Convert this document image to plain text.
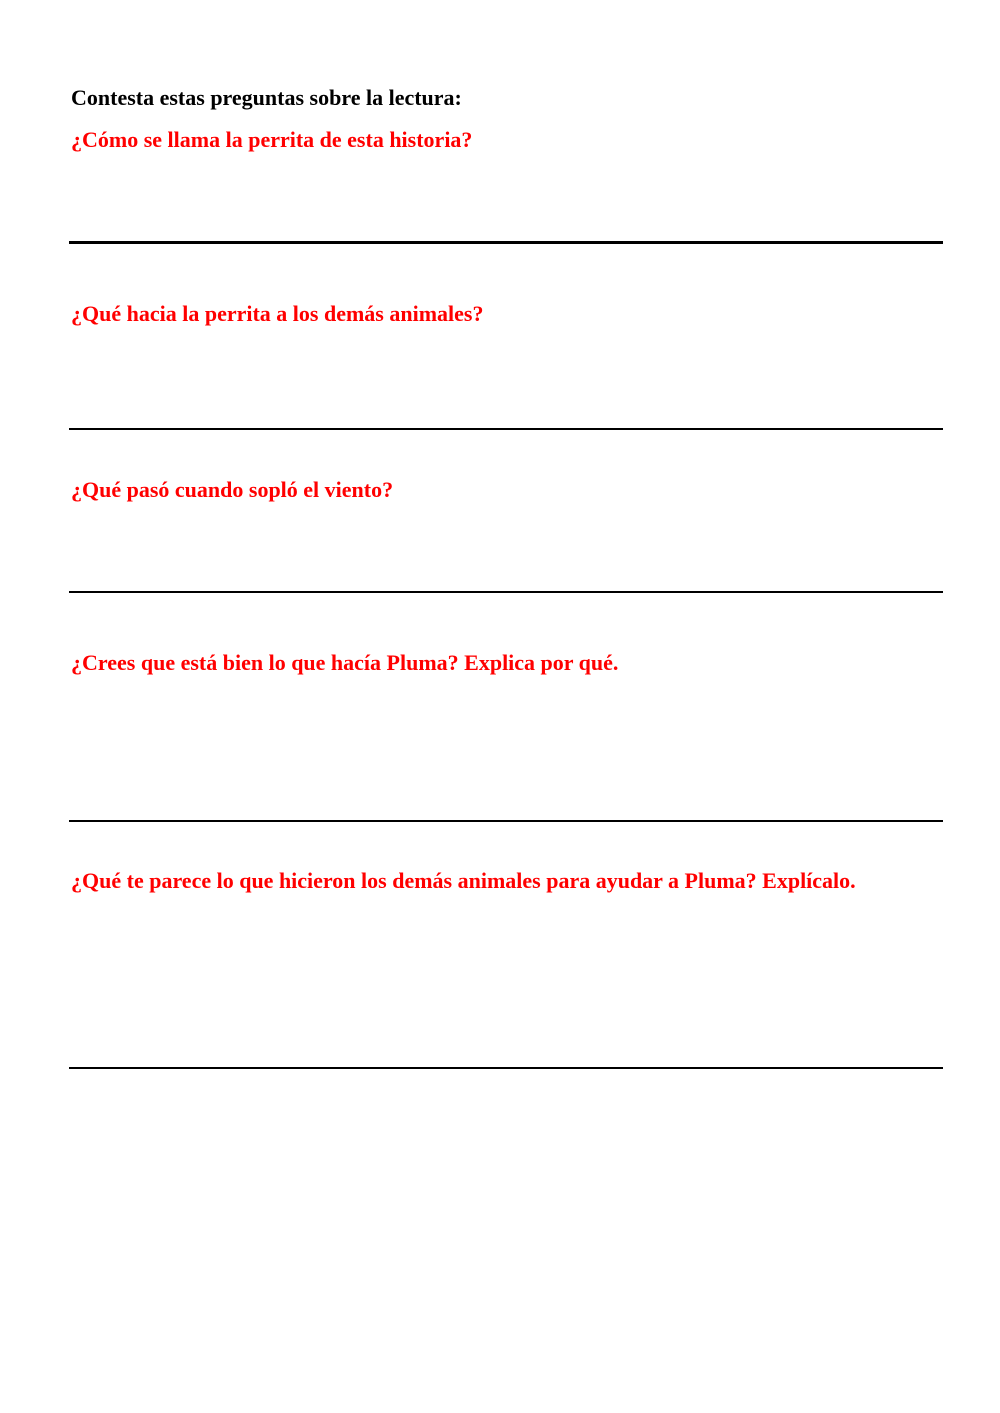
Contesta estas preguntas sobre la lectura:
¿Cómo se llama la perrita de esta historia?
¿Qué hacia la perrita a los demás animales?
¿Qué pasó cuando sopló el viento?
¿Crees que está bien lo que hacía Pluma? Explica por qué.
¿Qué te parece lo que hicieron los demás animales para ayudar a Pluma? Explícalo.
